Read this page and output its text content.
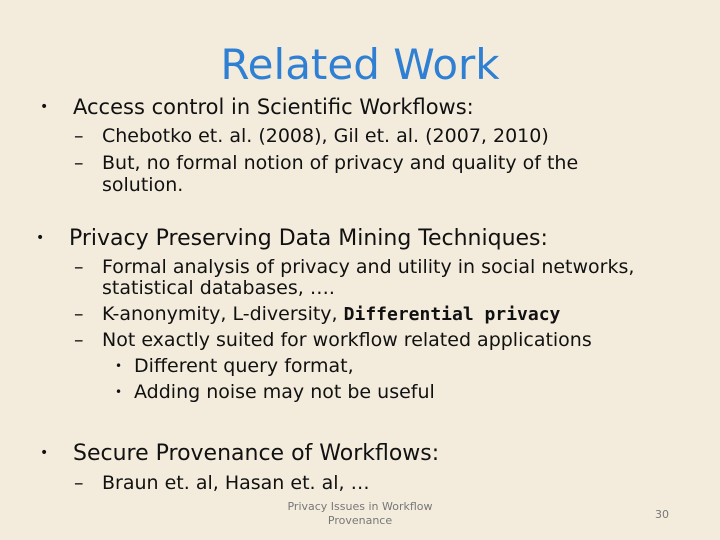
Related Work
• Access control in Scientific Workflows:
– Chebotko et. al. (2008), Gil et. al. (2007, 2010)
– But, no formal notion of privacy and quality of the
solution.
• Privacy Preserving Data Mining Techniques:
– Formal analysis of privacy and utility in social networks,
statistical databases, ….
– K-anonymity, L-diversity, Differential privacy
– Not exactly suited for workflow related applications
• Different query format,
• Adding noise may not be useful
• Secure Provenance of Workflows:
– Braun et. al, Hasan et. al, …
Privacy Issues in Workflow
Provenance	30
